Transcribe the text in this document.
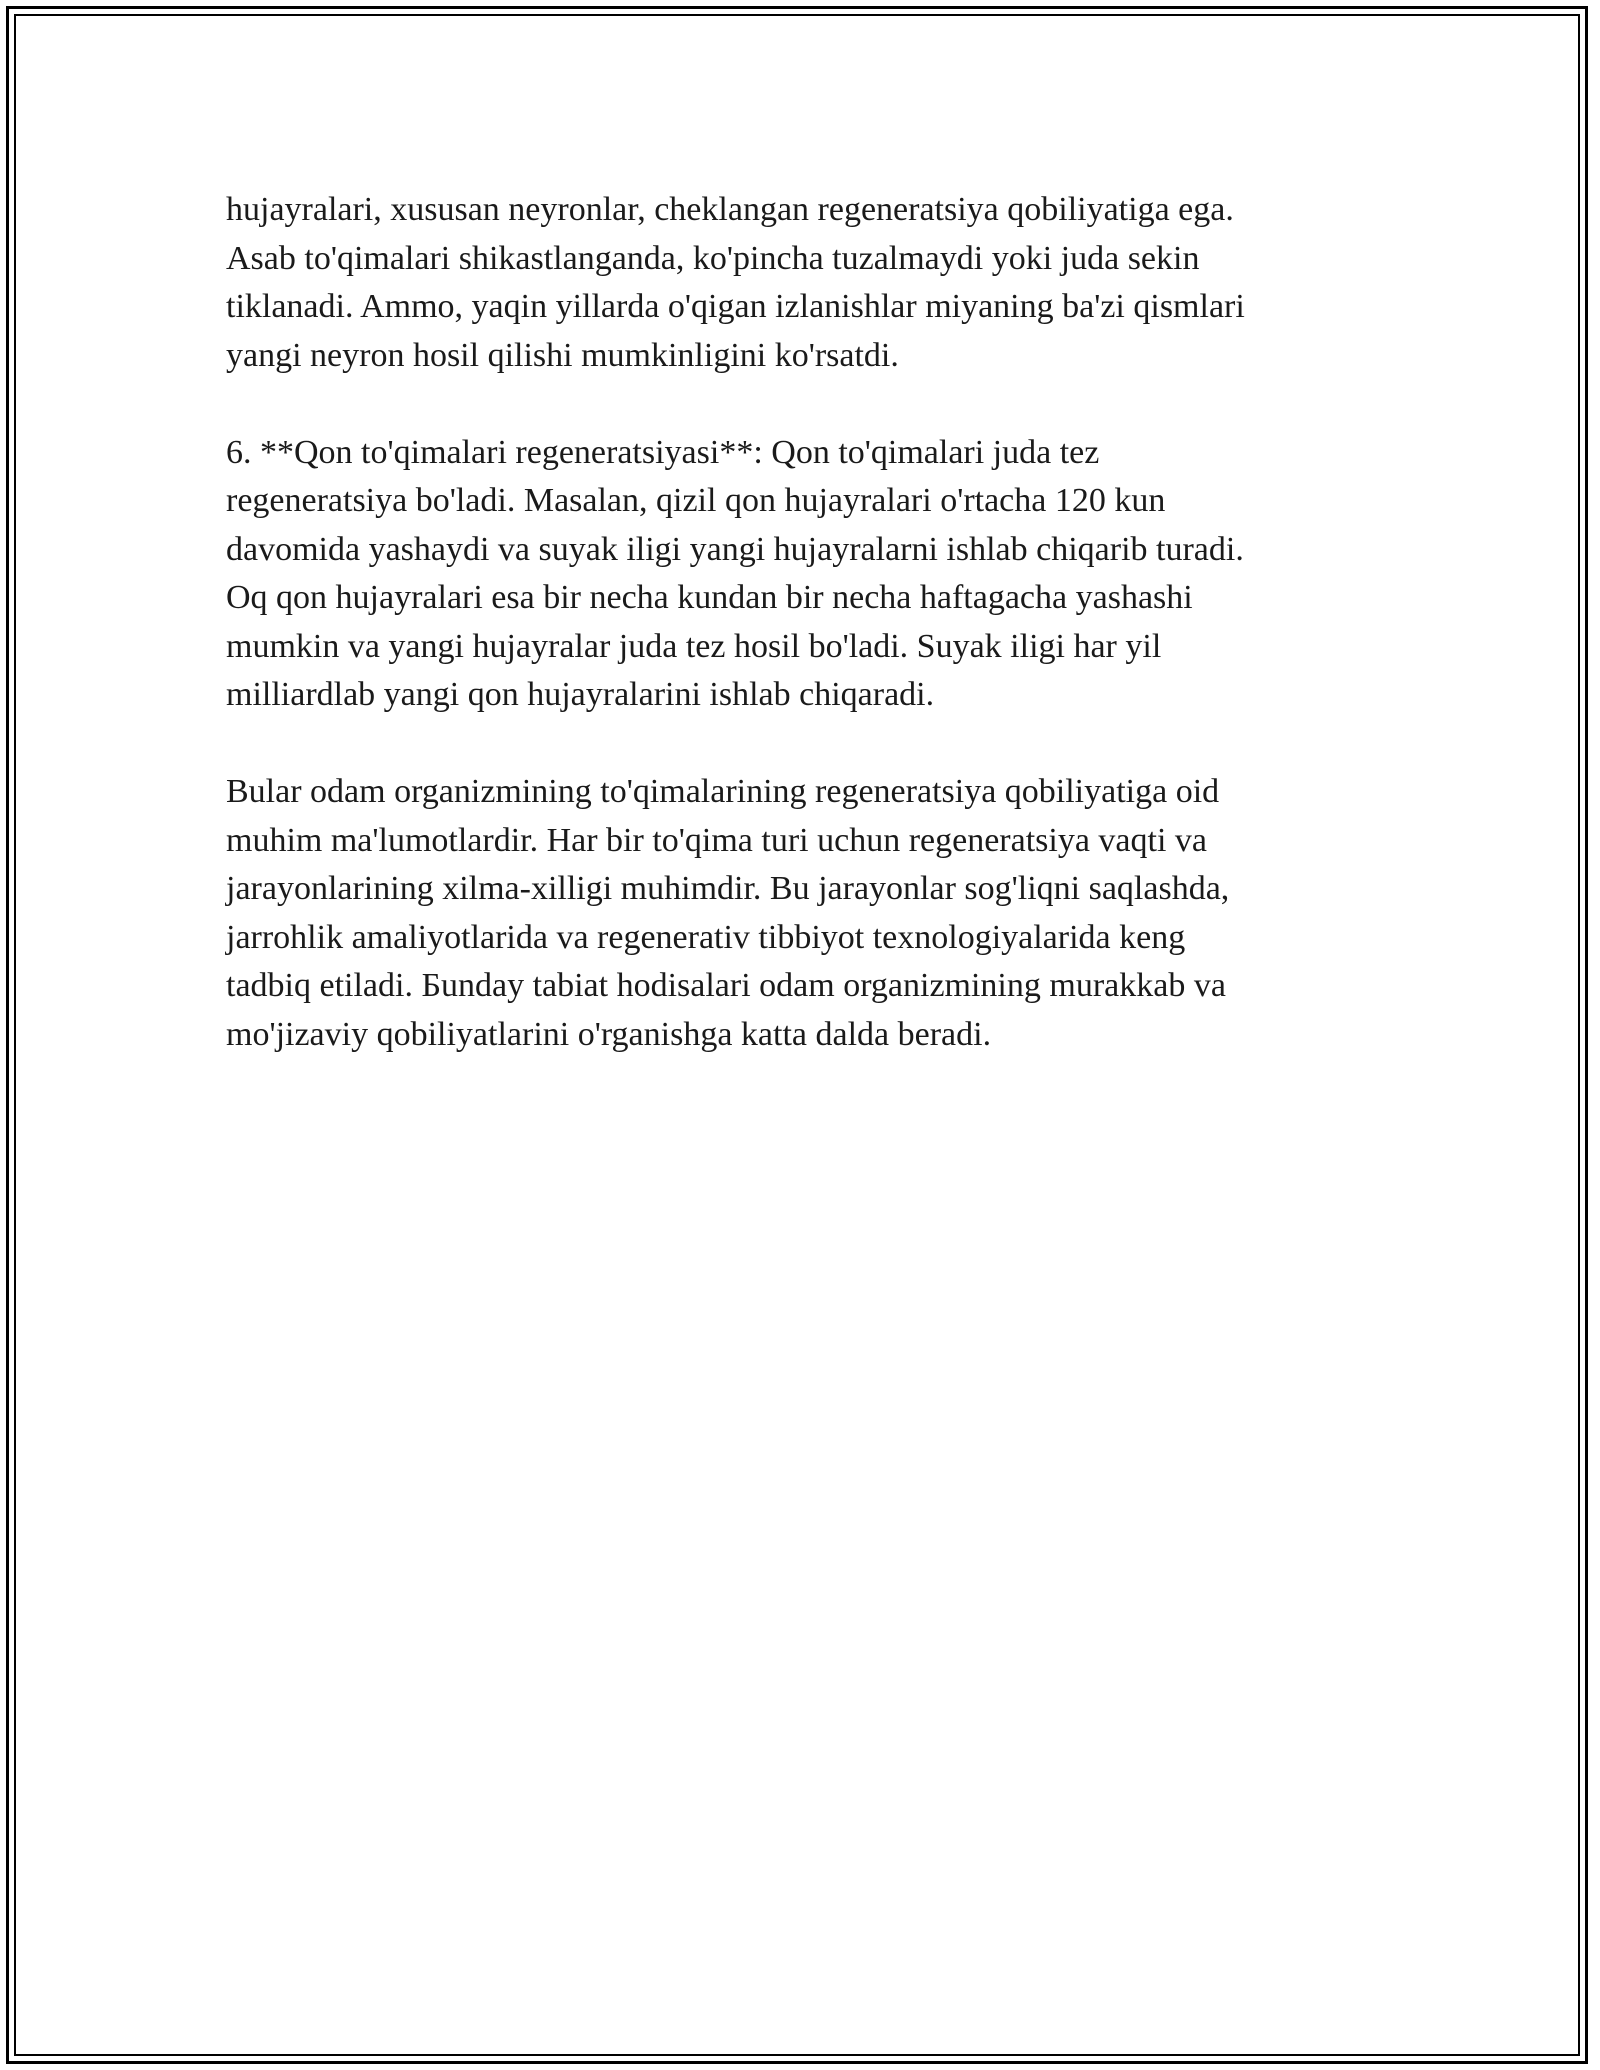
hujayralari, xususan neyronlar, cheklangan regeneratsiya qobiliyatiga ega.
Asab to'qimalari shikastlanganda, ko'pincha tuzalmaydi yoki juda sekin
tiklanadi. Ammo, yaqin yillarda o'qigan izlanishlar miyaning ba'zi qismlari
yangi neyron hosil qilishi mumkinligini ko'rsatdi.

6. **Qon to'qimalari regeneratsiyasi**: Qon to'qimalari juda tez
regeneratsiya bo'ladi. Masalan, qizil qon hujayralari o'rtacha 120 kun
davomida yashaydi va suyak iligi yangi hujayralarni ishlab chiqarib turadi.
Oq qon hujayralari esa bir necha kundan bir necha haftagacha yashashi
mumkin va yangi hujayralar juda tez hosil bo'ladi. Suyak iligi har yil
milliardlab yangi qon hujayralarini ishlab chiqaradi.

Bular odam organizmining to'qimalarining regeneratsiya qobiliyatiga oid
muhim ma'lumotlardir. Har bir to'qima turi uchun regeneratsiya vaqti va
jarayonlarining xilma-xilligi muhimdir. Bu jarayonlar sog'liqni saqlashda,
jarrohlik amaliyotlarida va regenerativ tibbiyot texnologiyalarida keng
tadbiq etiladi. Бunday tabiat hodisalari odam organizmining murakkab va
mo'jizaviy qobiliyatlarini o'rganishga katta dalda beradi.
